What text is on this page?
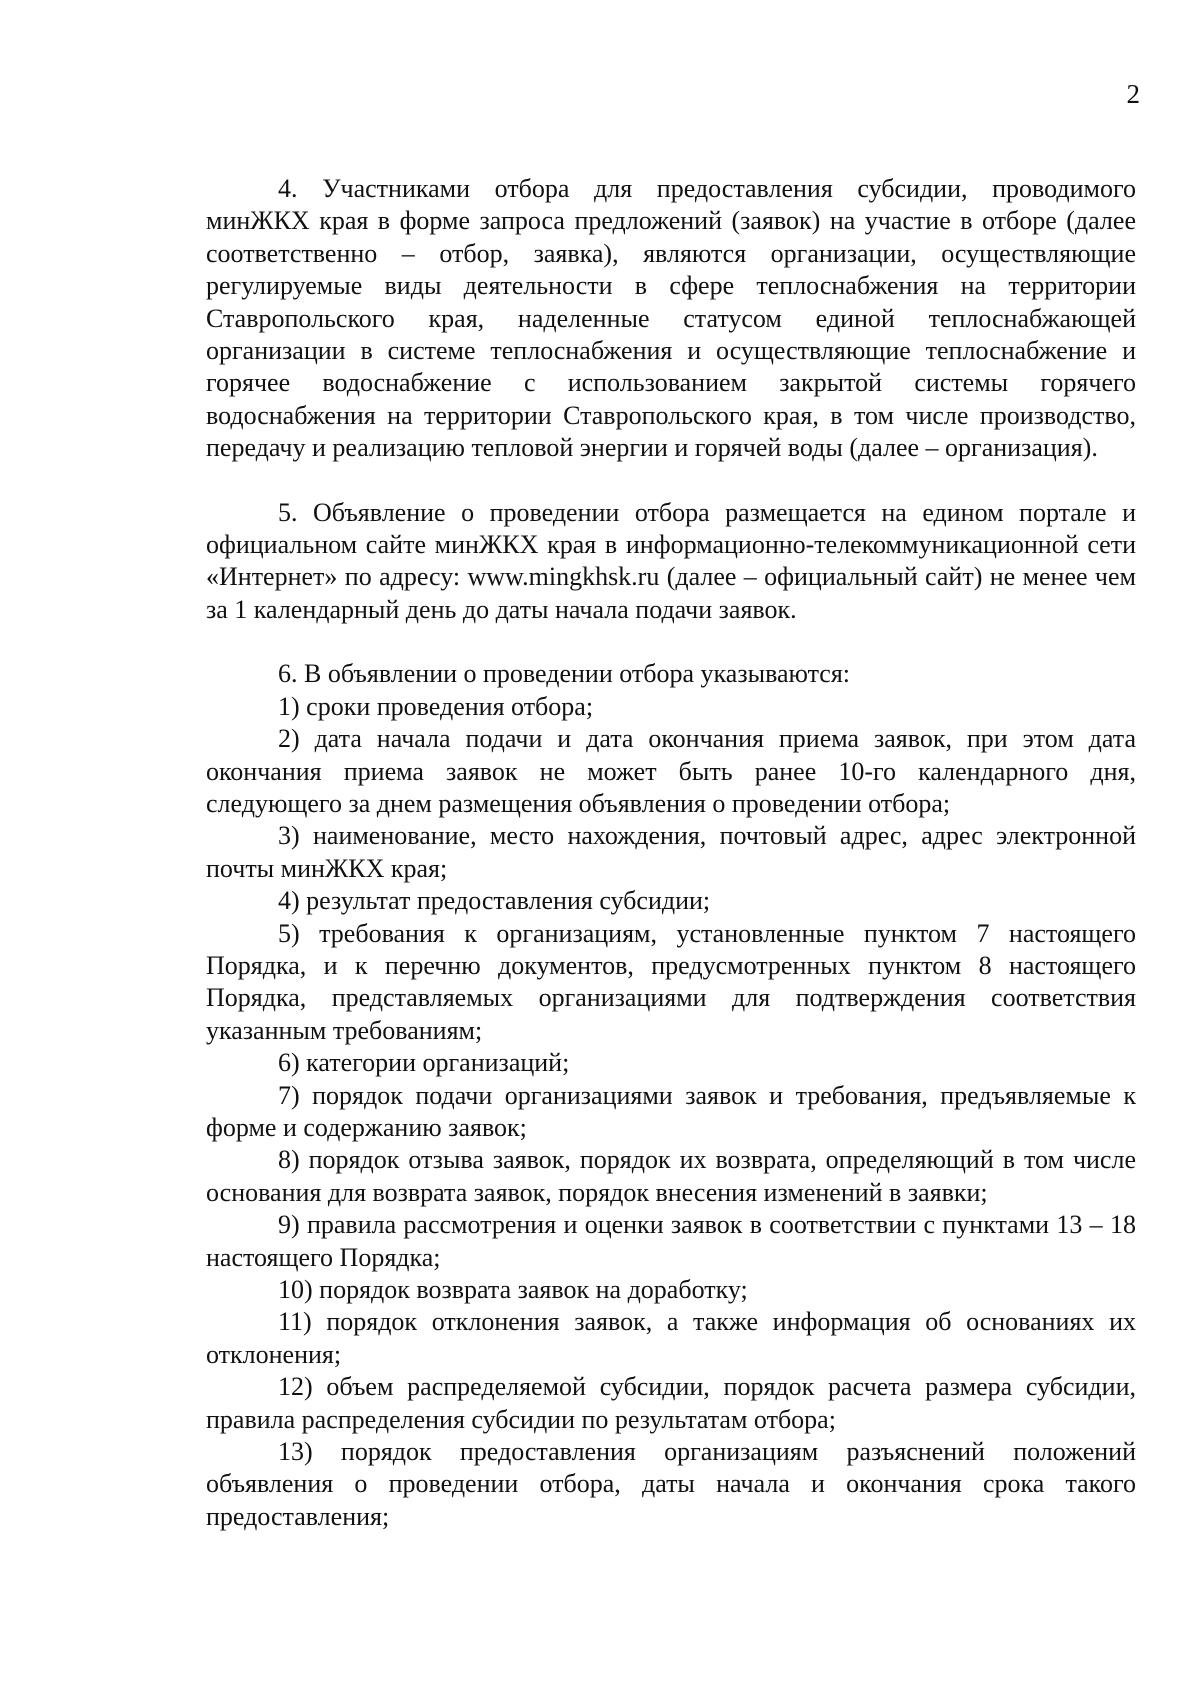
2

4. Участниками отбора для предоставления субсидии, проводимого минЖКХ края в форме запроса предложений (заявок) на участие в отборе (далее соответственно – отбор, заявка), являются организации, осуществляющие регулируемые виды деятельности в сфере теплоснабжения на территории Ставропольского края, наделенные статусом единой теплоснабжающей организации в системе теплоснабжения и осуществляющие теплоснабжение и горячее водоснабжение с использованием закрытой системы горячего водоснабжения на территории Ставропольского края, в том числе производство, передачу и реализацию тепловой энергии и горячей воды (далее – организация).

5. Объявление о проведении отбора размещается на едином портале и официальном сайте минЖКХ края в информационно-телекоммуникационной сети «Интернет» по адресу: www.mingkhsk.ru (далее – официальный сайт) не менее чем за 1 календарный день до даты начала подачи заявок.

6. В объявлении о проведении отбора указываются:

1) сроки проведения отбора;

2) дата начала подачи и дата окончания приема заявок, при этом дата окончания приема заявок не может быть ранее 10-го календарного дня, следующего за днем размещения объявления о проведении отбора;

3) наименование, место нахождения, почтовый адрес, адрес электронной почты минЖКХ края;

4) результат предоставления субсидии;

5) требования к организациям, установленные пунктом 7 настоящего Порядка, и к перечню документов, предусмотренных пунктом 8 настоящего Порядка, представляемых организациями для подтверждения соответствия указанным требованиям;

6) категории организаций;

7) порядок подачи организациями заявок и требования, предъявляемые к форме и содержанию заявок;

8) порядок отзыва заявок, порядок их возврата, определяющий в том числе основания для возврата заявок, порядок внесения изменений в заявки;

9) правила рассмотрения и оценки заявок в соответствии с пунктами 13 – 18 настоящего Порядка;

10) порядок возврата заявок на доработку;

11) порядок отклонения заявок, а также информация об основаниях их отклонения;

12) объем распределяемой субсидии, порядок расчета размера субсидии, правила распределения субсидии по результатам отбора;

13) порядок предоставления организациям разъяснений положений объявления о проведении отбора, даты начала и окончания срока такого предоставления;
